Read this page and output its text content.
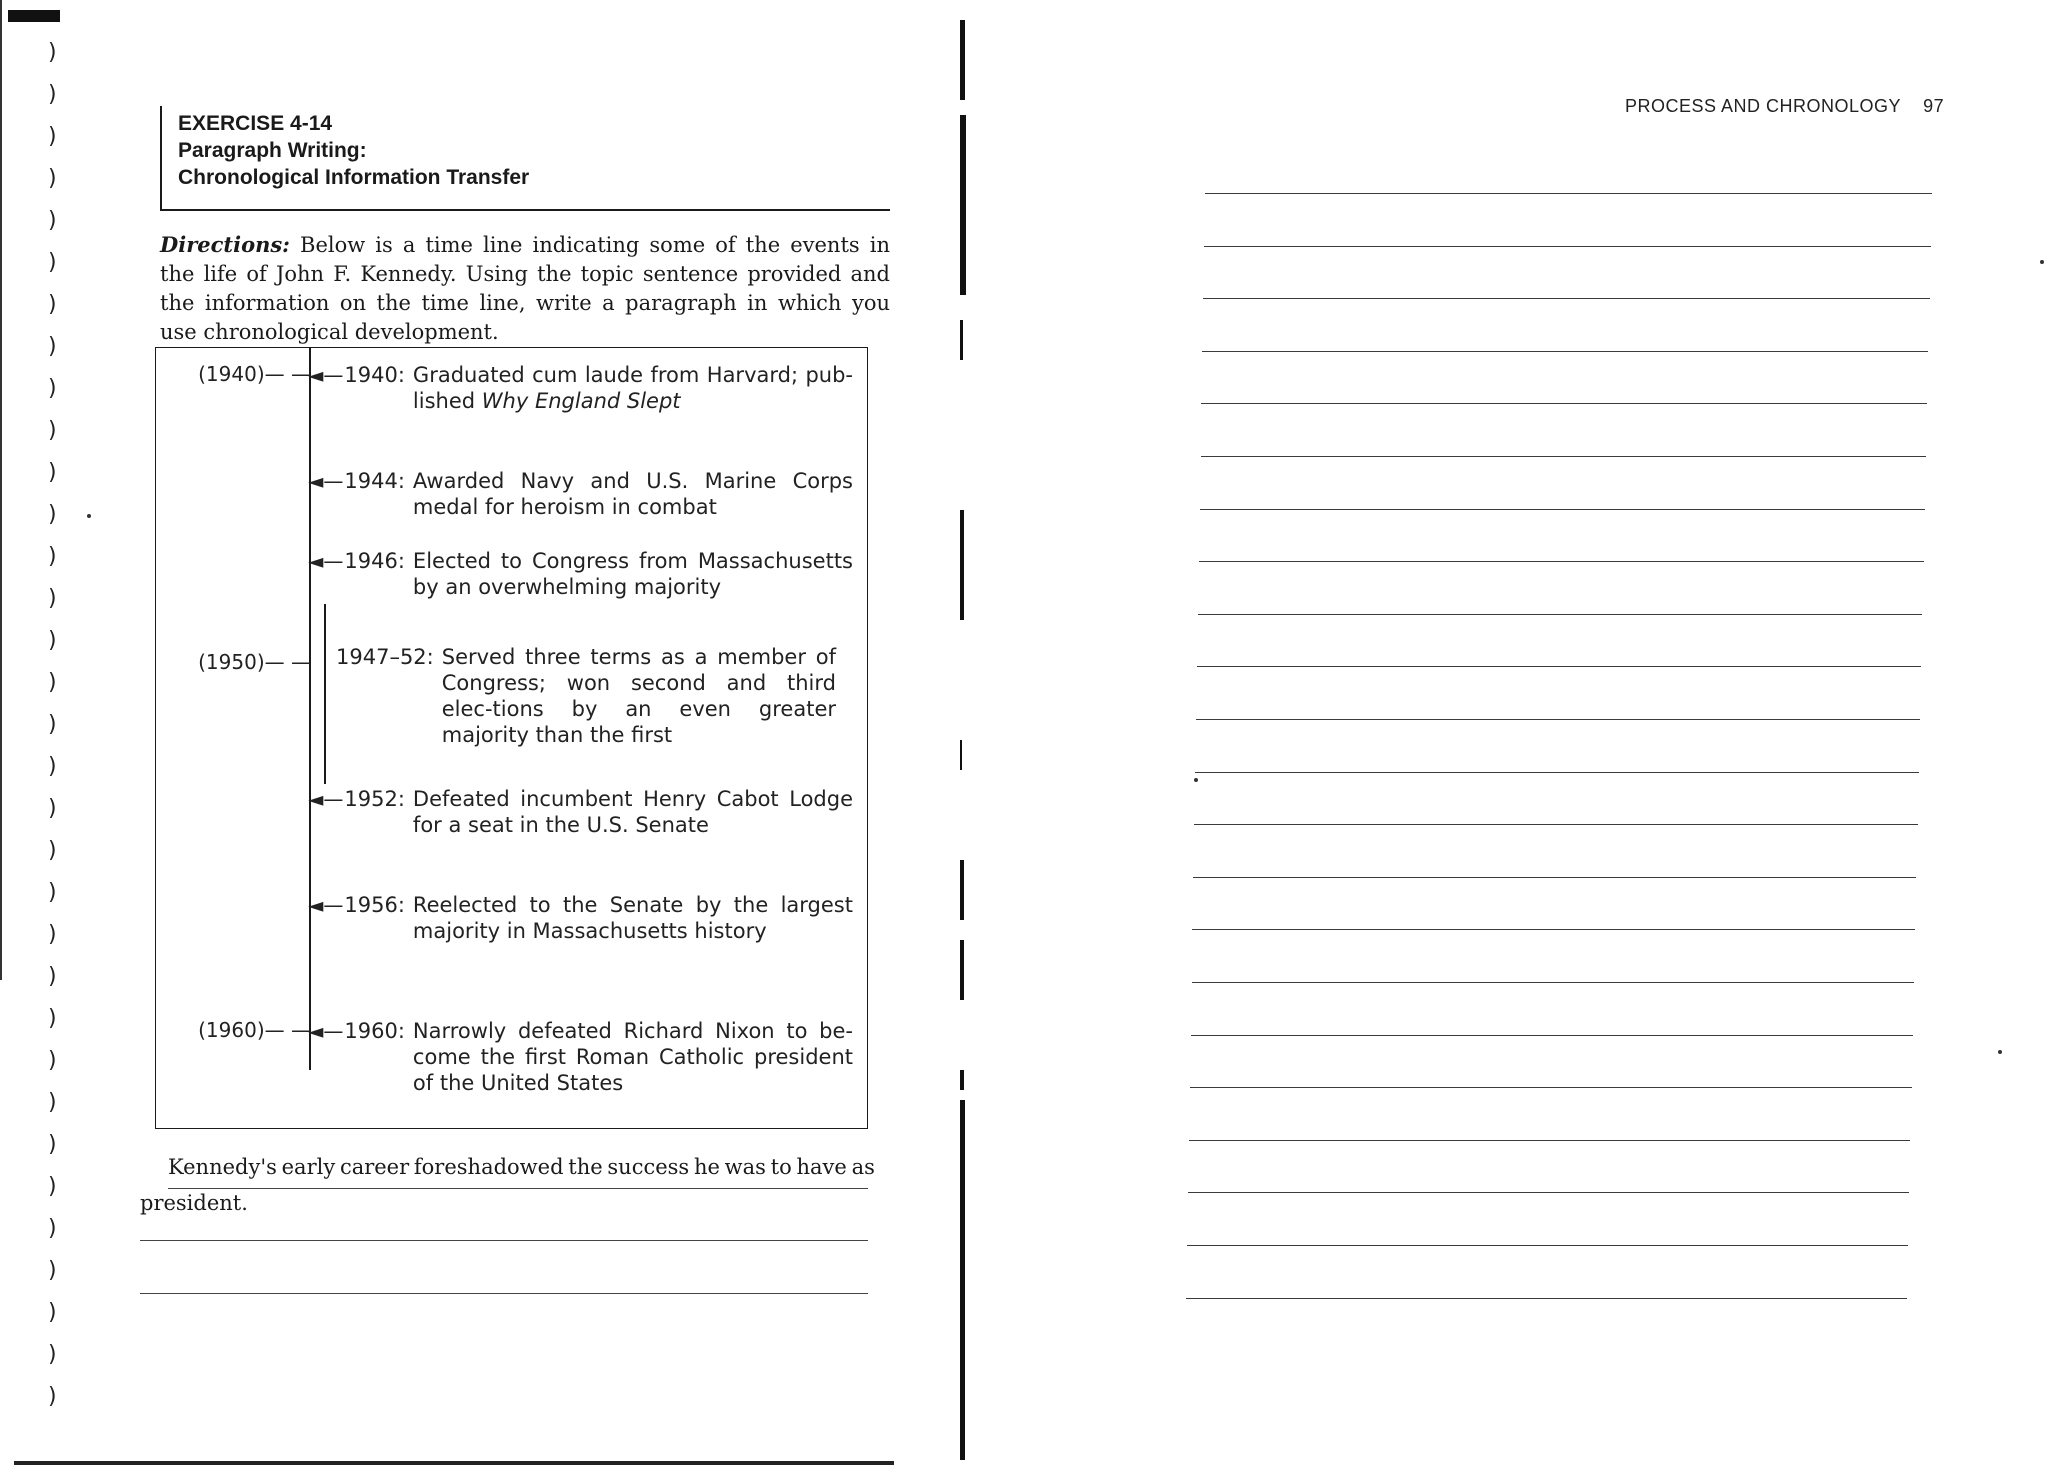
)
)
)
)
)
)
)
)
)
)
)
)
)
)
)
)
)
)
)
)
)
)
)
)
)
)
)
)
)
)
)
)
)
EXERCISE 4-14
Paragraph Writing:
Chronological Information Transfer
Directions: Below is a time line indicating some of the events in the life of John F. Kennedy. Using the topic sentence provided and the information on the time line, write a paragraph in which you use chronological development.
(1940)— —
(1950)— —
(1960)— —
◄— 1940: Graduated cum laude from Harvard; pub-lished Why England Slept
◄— 1944: Awarded Navy and U.S. Marine Corps medal for heroism in combat
◄— 1946: Elected to Congress from Massachusetts by an overwhelming majority
1947–52: Served three terms as a member of Congress; won second and third elec-tions by an even greater majority than the first
◄— 1952: Defeated incumbent Henry Cabot Lodge for a seat in the U.S. Senate
◄— 1956: Reelected to the Senate by the largest majority in Massachusetts history
◄— 1960: Narrowly defeated Richard Nixon to be-come the first Roman Catholic president of the United States
Kennedy's early career foreshadowed the success he was to have as
president.
PROCESS AND CHRONOLOGY 97
